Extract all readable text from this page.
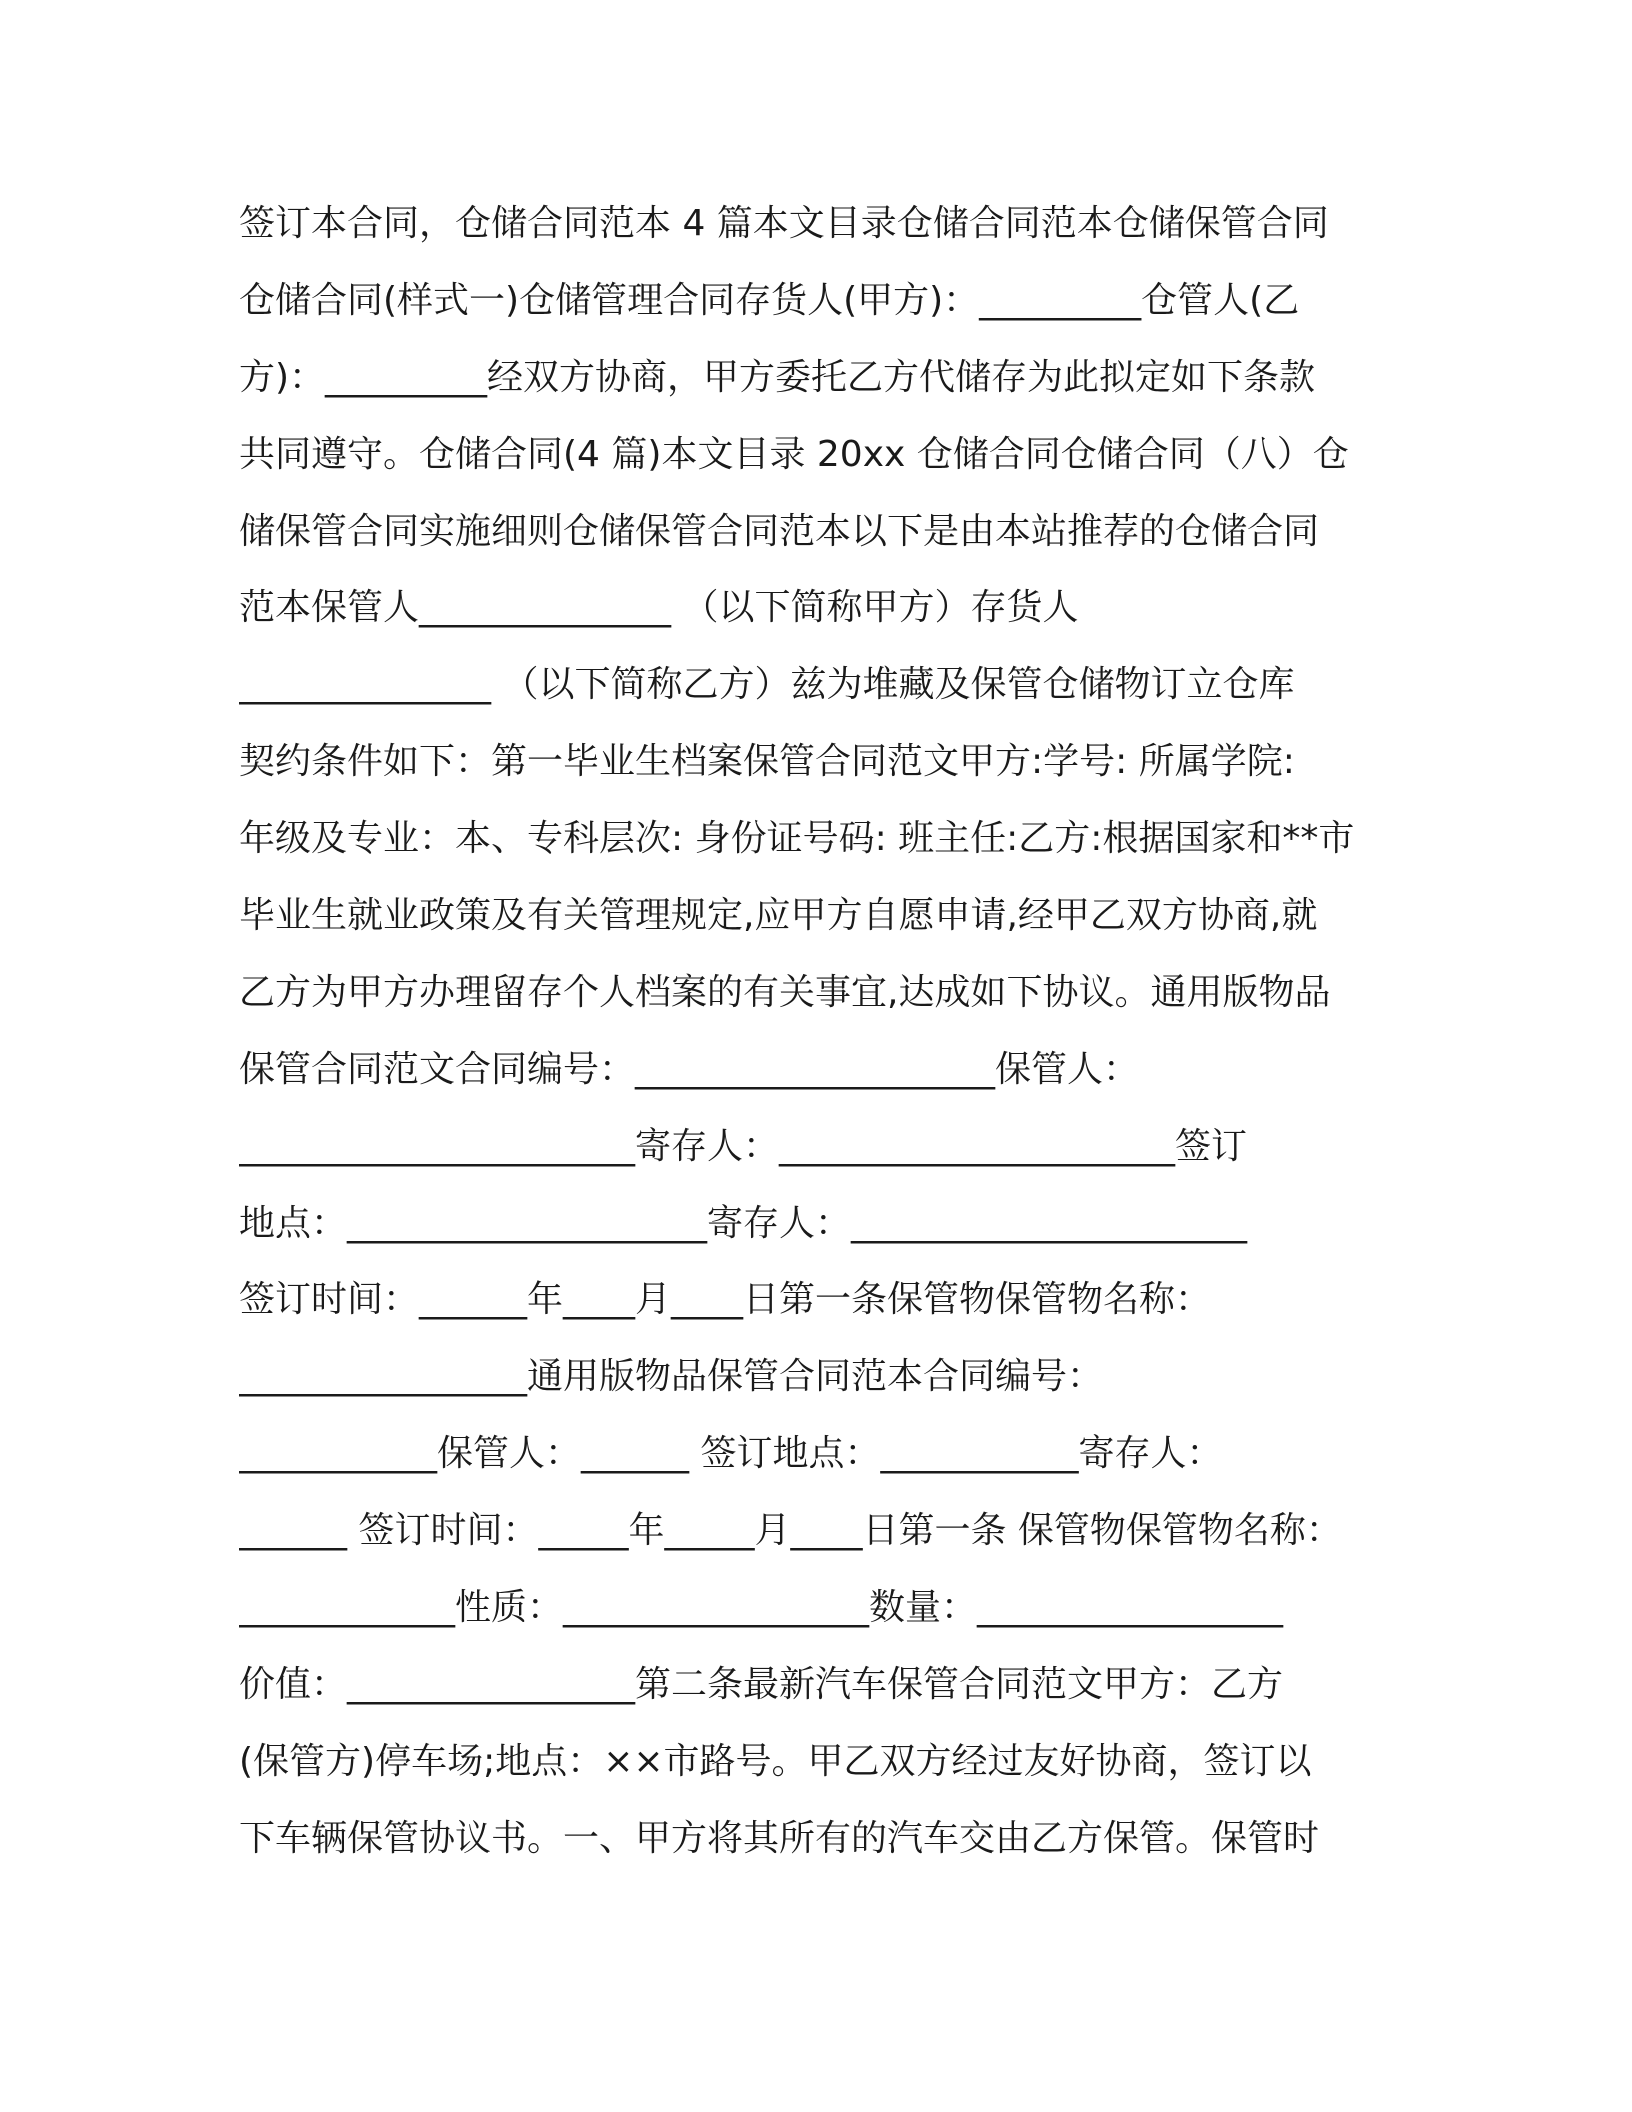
签订本合同，仓储合同范本 4 篇本文目录仓储合同范本仓储保管合同
仓储合同(样式一)仓储管理合同存货人(甲方)：_________仓管人(乙
方)：_________经双方协商，甲方委托乙方代储存为此拟定如下条款
共同遵守。仓储合同(4 篇)本文目录 20xx 仓储合同仓储合同（八）仓
储保管合同实施细则仓储保管合同范本以下是由本站推荐的仓储合同
范本保管人______________ （以下简称甲方）存货人
______________ （以下简称乙方）兹为堆藏及保管仓储物订立仓库
契约条件如下：第一毕业生档案保管合同范文甲方:学号: 所属学院:
年级及专业：本、专科层次: 身份证号码: 班主任:乙方:根据国家和**市
毕业生就业政策及有关管理规定,应甲方自愿申请,经甲乙双方协商,就
乙方为甲方办理留存个人档案的有关事宜,达成如下协议。通用版物品
保管合同范文合同编号：____________________保管人：
______________________寄存人：______________________签订
地点：____________________寄存人：______________________
签订时间：______年____月____日第一条保管物保管物名称：
________________通用版物品保管合同范本合同编号：
___________保管人：______ 签订地点：___________寄存人：
______ 签订时间：_____年_____月____日第一条 保管物保管物名称：
____________性质：_________________数量：_________________
价值：________________第二条最新汽车保管合同范文甲方：乙方
(保管方)停车场;地点：××市路号。甲乙双方经过友好协商，签订以
下车辆保管协议书。一、甲方将其所有的汽车交由乙方保管。保管时
